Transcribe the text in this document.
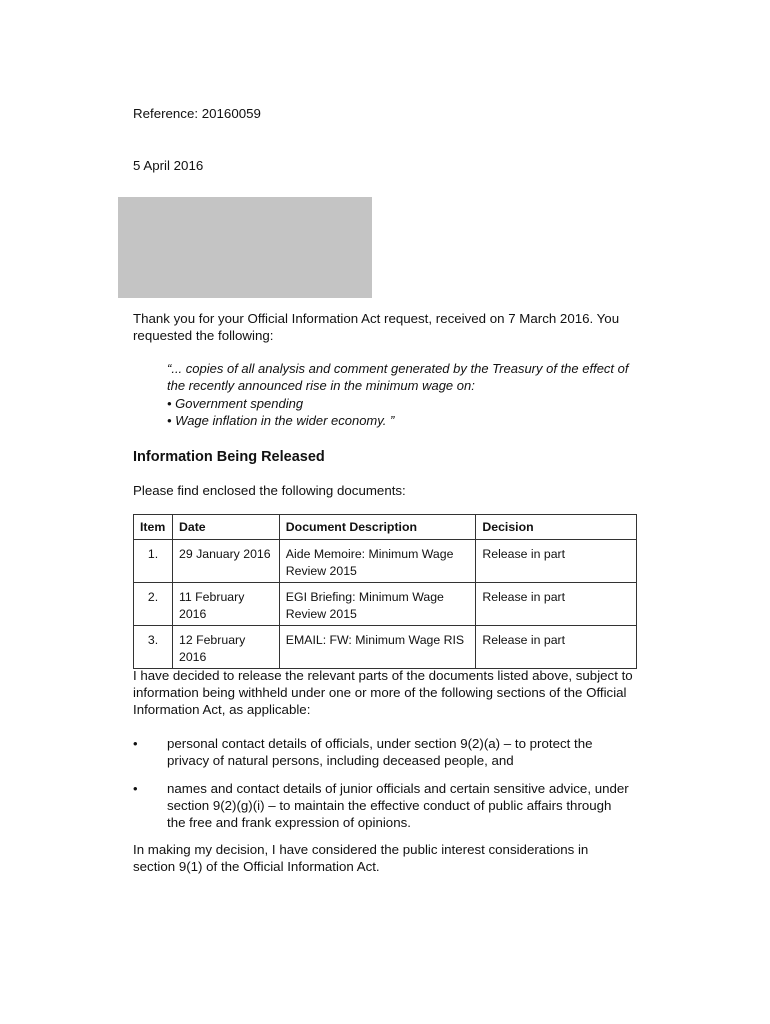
Reference: 20160059
5 April 2016
Thank you for your Official Information Act request, received on 7 March 2016. You requested the following:
“... copies of all analysis and comment generated by the Treasury of the effect of
the recently announced rise in the minimum wage on:
• Government spending
• Wage inflation in the wider economy. ”
Information Being Released
Please find enclosed the following documents:
Item	Date	Document Description	Decision
1.	29 January 2016	Aide Memoire: Minimum Wage Review 2015	Release in part
2.	11 February 2016	EGI Briefing: Minimum Wage Review 2015	Release in part
3.	12 February 2016	EMAIL: FW: Minimum Wage RIS	Release in part
I have decided to release the relevant parts of the documents listed above, subject to information being withheld under one or more of the following sections of the Official Information Act, as applicable:
• personal contact details of officials, under section 9(2)(a) – to protect the privacy of natural persons, including deceased people, and
• names and contact details of junior officials and certain sensitive advice, under section 9(2)(g)(i) – to maintain the effective conduct of public affairs through the free and frank expression of opinions.
In making my decision, I have considered the public interest considerations in section 9(1) of the Official Information Act.
